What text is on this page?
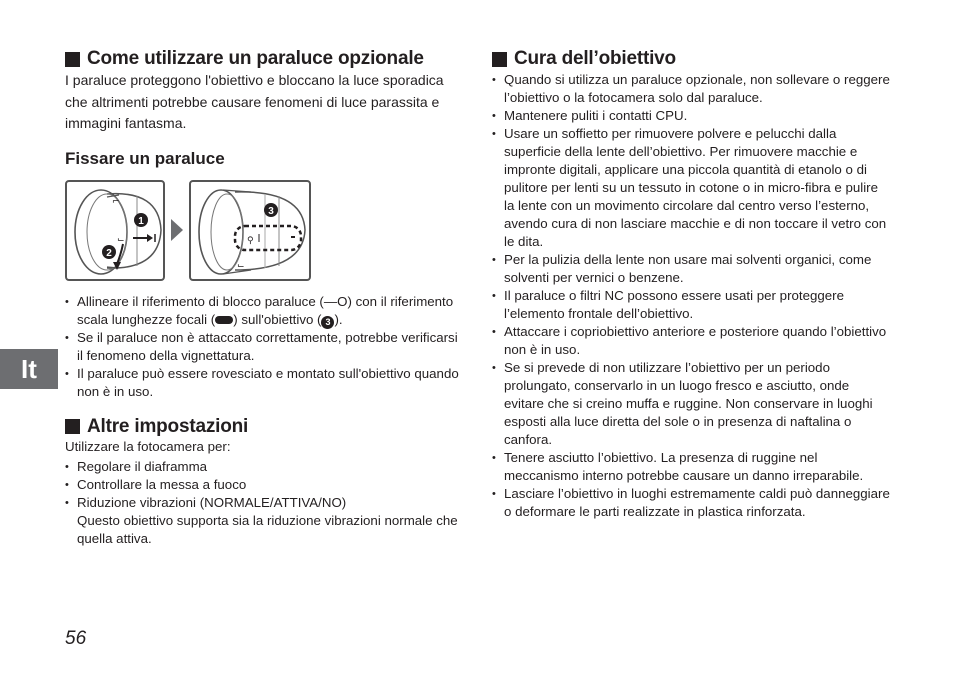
Come utilizzare un paraluce opzionale

I paraluce proteggono l'obiettivo e bloccano la luce sporadica che altrimenti potrebbe causare fenomeni di luce parassita e immagini fantasma.

Fissare un paraluce
⌐
⌙
1
2
⚲
⌙
3
• Allineare il riferimento di blocco paraluce (—O) con il riferimento scala lunghezze focali ( ) sull'obiettivo ( 3 ).
• Se il paraluce non è attaccato correttamente, potrebbe verificarsi il fenomeno della vignettatura.
• Il paraluce può essere rovesciato e montato sull'obiettivo quando non è in uso.
Altre impostazioni

Utilizzare la fotocamera per:

• Regolare il diaframma
• Controllare la messa a fuoco
• Riduzione vibrazioni (NORMALE/ATTIVA/NO)

Questo obiettivo supporta sia la riduzione vibrazioni normale che quella attiva.

Cura dell’obiettivo
• Quando si utilizza un paraluce opzionale, non sollevare o reggere l’obiettivo o la fotocamera solo dal paraluce.
• Mantenere puliti i contatti CPU.
• Usare un soffietto per rimuovere polvere e pelucchi dalla superficie della lente dell’obiettivo. Per rimuovere macchie e impronte digitali, applicare una piccola quantità di etanolo o di pulitore per lenti su un tessuto in cotone o in micro-fibra e pulire la lente con un movimento circolare dal centro verso l’esterno, avendo cura di non lasciare macchie e di non toccare il vetro con le dita.
• Per la pulizia della lente non usare mai solventi organici, come solventi per vernici o benzene.
• Il paraluce o filtri NC possono essere usati per proteggere l’elemento frontale dell’obiettivo.
• Attaccare i copriobiettivo anteriore e posteriore quando l’obiettivo non è in uso.
• Se si prevede di non utilizzare l’obiettivo per un periodo prolungato, conservarlo in un luogo fresco e asciutto, onde evitare che si creino muffa e ruggine. Non conservare in luoghi esposti alla luce diretta del sole o in presenza di naftalina o canfora.
• Tenere asciutto l’obiettivo. La presenza di ruggine nel meccanismo interno potrebbe causare un danno irreparabile.
• Lasciare l’obiettivo in luoghi estremamente caldi può danneggiare o deformare le parti realizzate in plastica rinforzata.
It
56
